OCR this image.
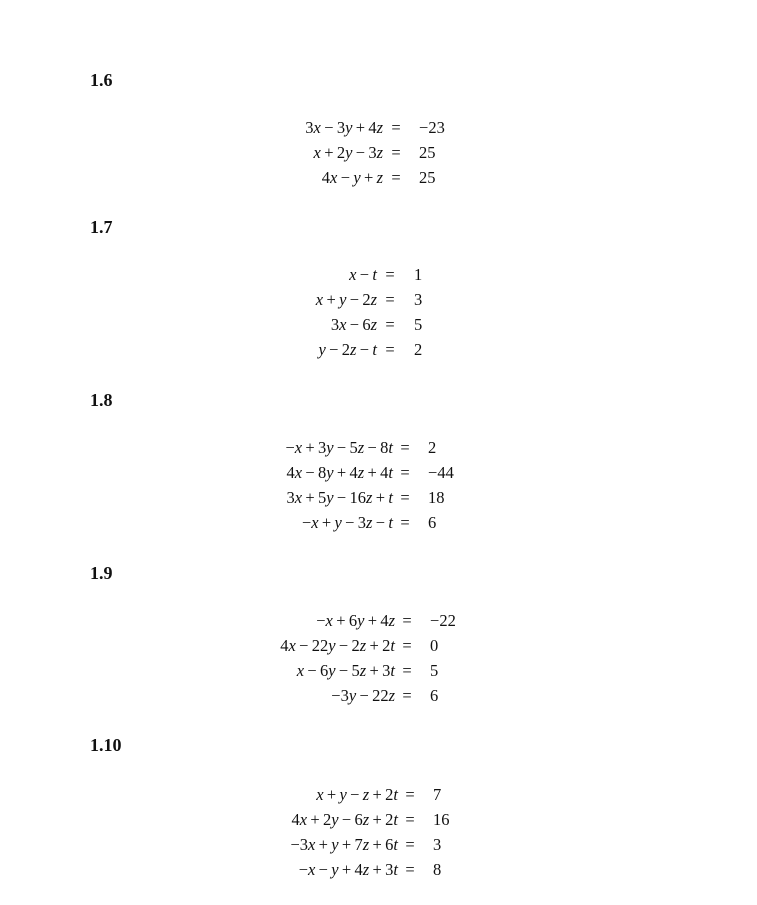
1.6
3x  −  3y  +  4z =	−23
x  +  2y  −  3z =	25
4x  −  y  +  z =	25
1.7
x  −  t =	1
x  +  y  −  2z =	3
3x  −  6z =	5
y  −  2z  −  t =	2
1.8
−x  +  3y  −  5z  −  8t =	2
4x  −  8y  +  4z  +  4t =	−44
3x  +  5y  −  16z  +  t =	18
−x  +  y  −  3z  −  t =	6
1.9
−x  +  6y  +  4z =	−22
4x  −  22y  −  2z  +  2t =	0
x  −  6y  −  5z  +  3t =	5
−3y  −  22z =	6
1.10
x  +  y  −  z  +  2t =	7
4x  +  2y  −  6z  +  2t =	16
−3x  +  y  +  7z  +  6t =	3
−x  −  y  +  4z  +  3t =	8
